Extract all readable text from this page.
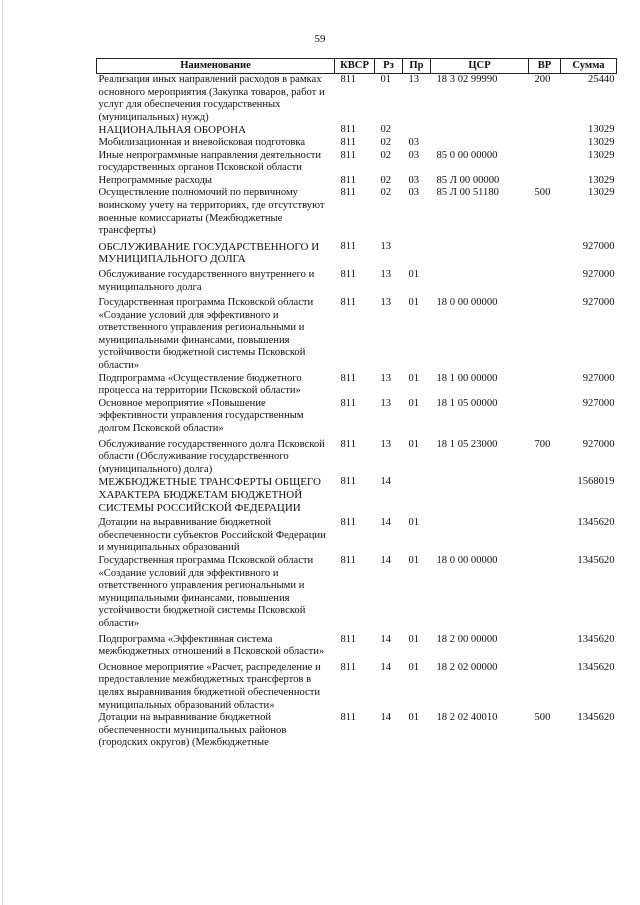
59
Наименование	КВСР	Рз	Пр	ЦСР	ВР	Сумма
Реализация иных направлений расходов в рамках основного мероприятия (Закупка товаров, работ и услуг для обеспечения государственных (муниципальных) нужд)	811	01	13	18 3 02 99990	200	25440
НАЦИОНАЛЬНАЯ ОБОРОНА	811	02				13029
Мобилизационная и вневойсковая подготовка	811	02	03			13029
Иные непрограммные направления деятельности государственных органов Псковской области	811	02	03	85 0 00 00000		13029
Непрограммные расходы	811	02	03	85 Л 00 00000		13029
Осуществление полномочий по первичному воинскому учету на территориях, где отсутствуют военные комиссариаты (Межбюджетные трансферты)	811	02	03	85 Л 00 51180	500	13029
ОБСЛУЖИВАНИЕ ГОСУДАРСТВЕННОГО И МУНИЦИПАЛЬНОГО ДОЛГА	811	13				927000
Обслуживание государственного внутреннего и муниципального долга	811	13	01			927000
Государственная программа Псковской области «Создание условий для эффективного и ответственного управления региональными и муниципальными финансами, повышения устойчивости бюджетной системы Псковской области»	811	13	01	18 0 00 00000		927000
Подпрограмма «Осуществление бюджетного процесса на территории Псковской области»	811	13	01	18 1 00 00000		927000
Основное мероприятие «Повышение эффективности управления государственным долгом Псковской области»	811	13	01	18 1 05 00000		927000
Обслуживание государственного долга Псковской области (Обслуживание государственного (муниципального) долга)	811	13	01	18 1 05 23000	700	927000
МЕЖБЮДЖЕТНЫЕ ТРАНСФЕРТЫ ОБЩЕГО ХАРАКТЕРА БЮДЖЕТАМ БЮДЖЕТНОЙ СИСТЕМЫ РОССИЙСКОЙ ФЕДЕРАЦИИ	811	14				1568019
Дотации на выравнивание бюджетной обеспеченности субъектов Российской Федерации и муниципальных образований	811	14	01			1345620
Государственная программа Псковской области «Создание условий для эффективного и ответственного управления региональными и муниципальными финансами, повышения устойчивости бюджетной системы Псковской области»	811	14	01	18 0 00 00000		1345620
Подпрограмма «Эффективная система межбюджетных отношений в Псковской области»	811	14	01	18 2 00 00000		1345620
Основное мероприятие «Расчет, распределение и предоставление межбюджетных трансфертов в целях выравнивания бюджетной обеспеченности муниципальных образований области»	811	14	01	18 2 02 00000		1345620
Дотации на выравнивание бюджетной обеспеченности муниципальных районов (городских округов) (Межбюджетные	811	14	01	18 2 02 40010	500	1345620
